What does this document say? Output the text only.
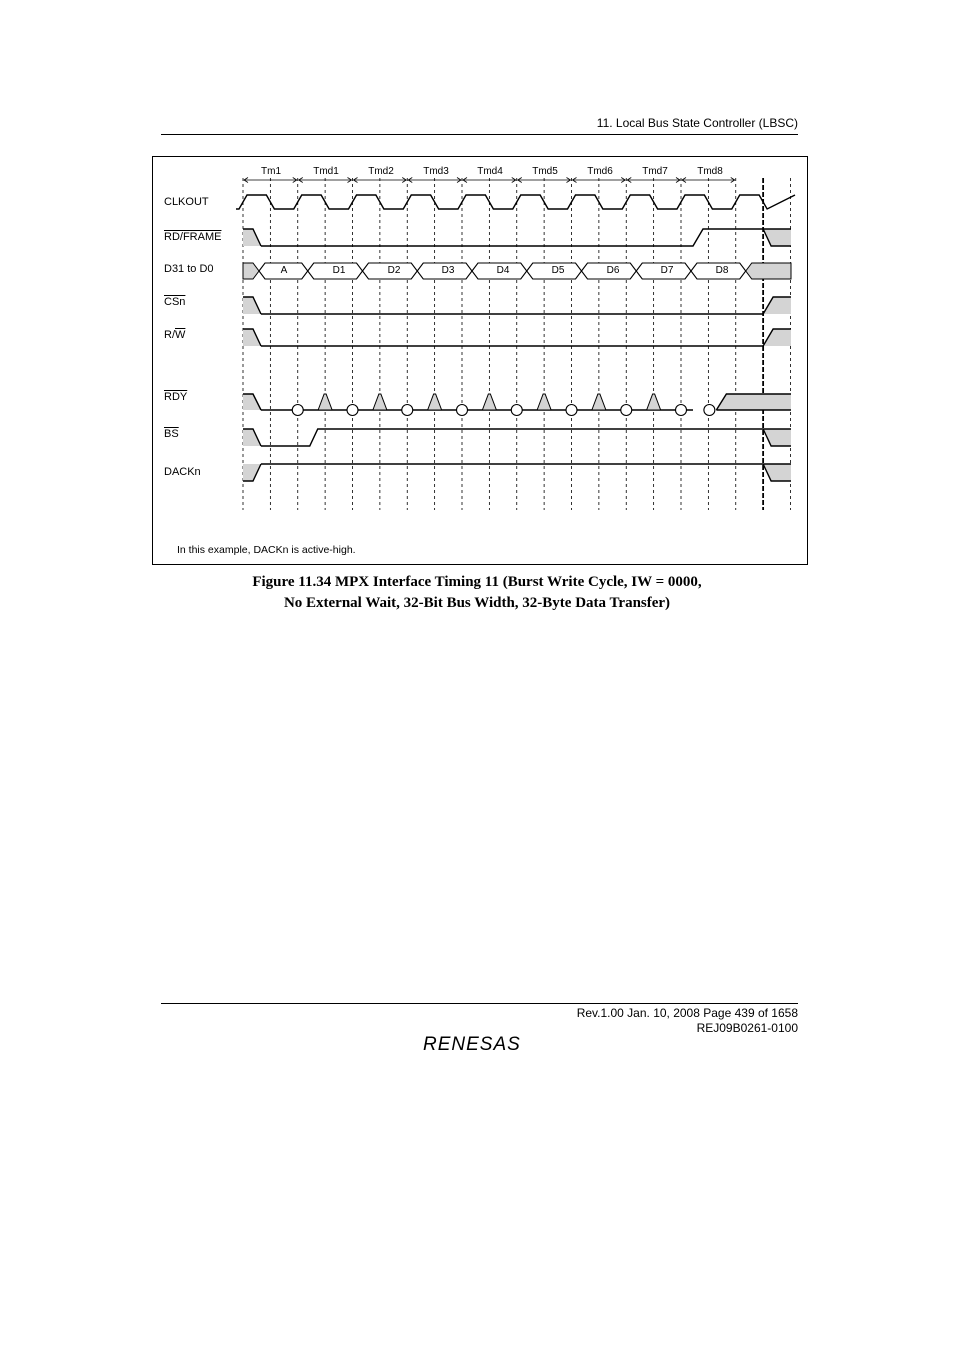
11. Local Bus State Controller (LBSC)
Tm1	Tmd1	Tmd2	Tmd3	Tmd4	Tmd5	Tmd6	Tmd7	Tmd8
CLKOUT
RD/FRAME
D31 to D0
$\overline{CSn}$
$R/\overline{W}$
$\overline{RDY}$
$\overline{BS}$
DACKn
A	D1	D2	D3	D4	D5	D6	D7	D8
In this example, DACKn is active-high.
Figure 11.34 MPX Interface Timing 11 (Burst Write Cycle, IW = 0000,
No External Wait, 32-Bit Bus Width, 32-Byte Data Transfer)
Rev.1.00 Jan. 10, 2008 Page 439 of 1658
REJ09B0261-0100
RENESAS
